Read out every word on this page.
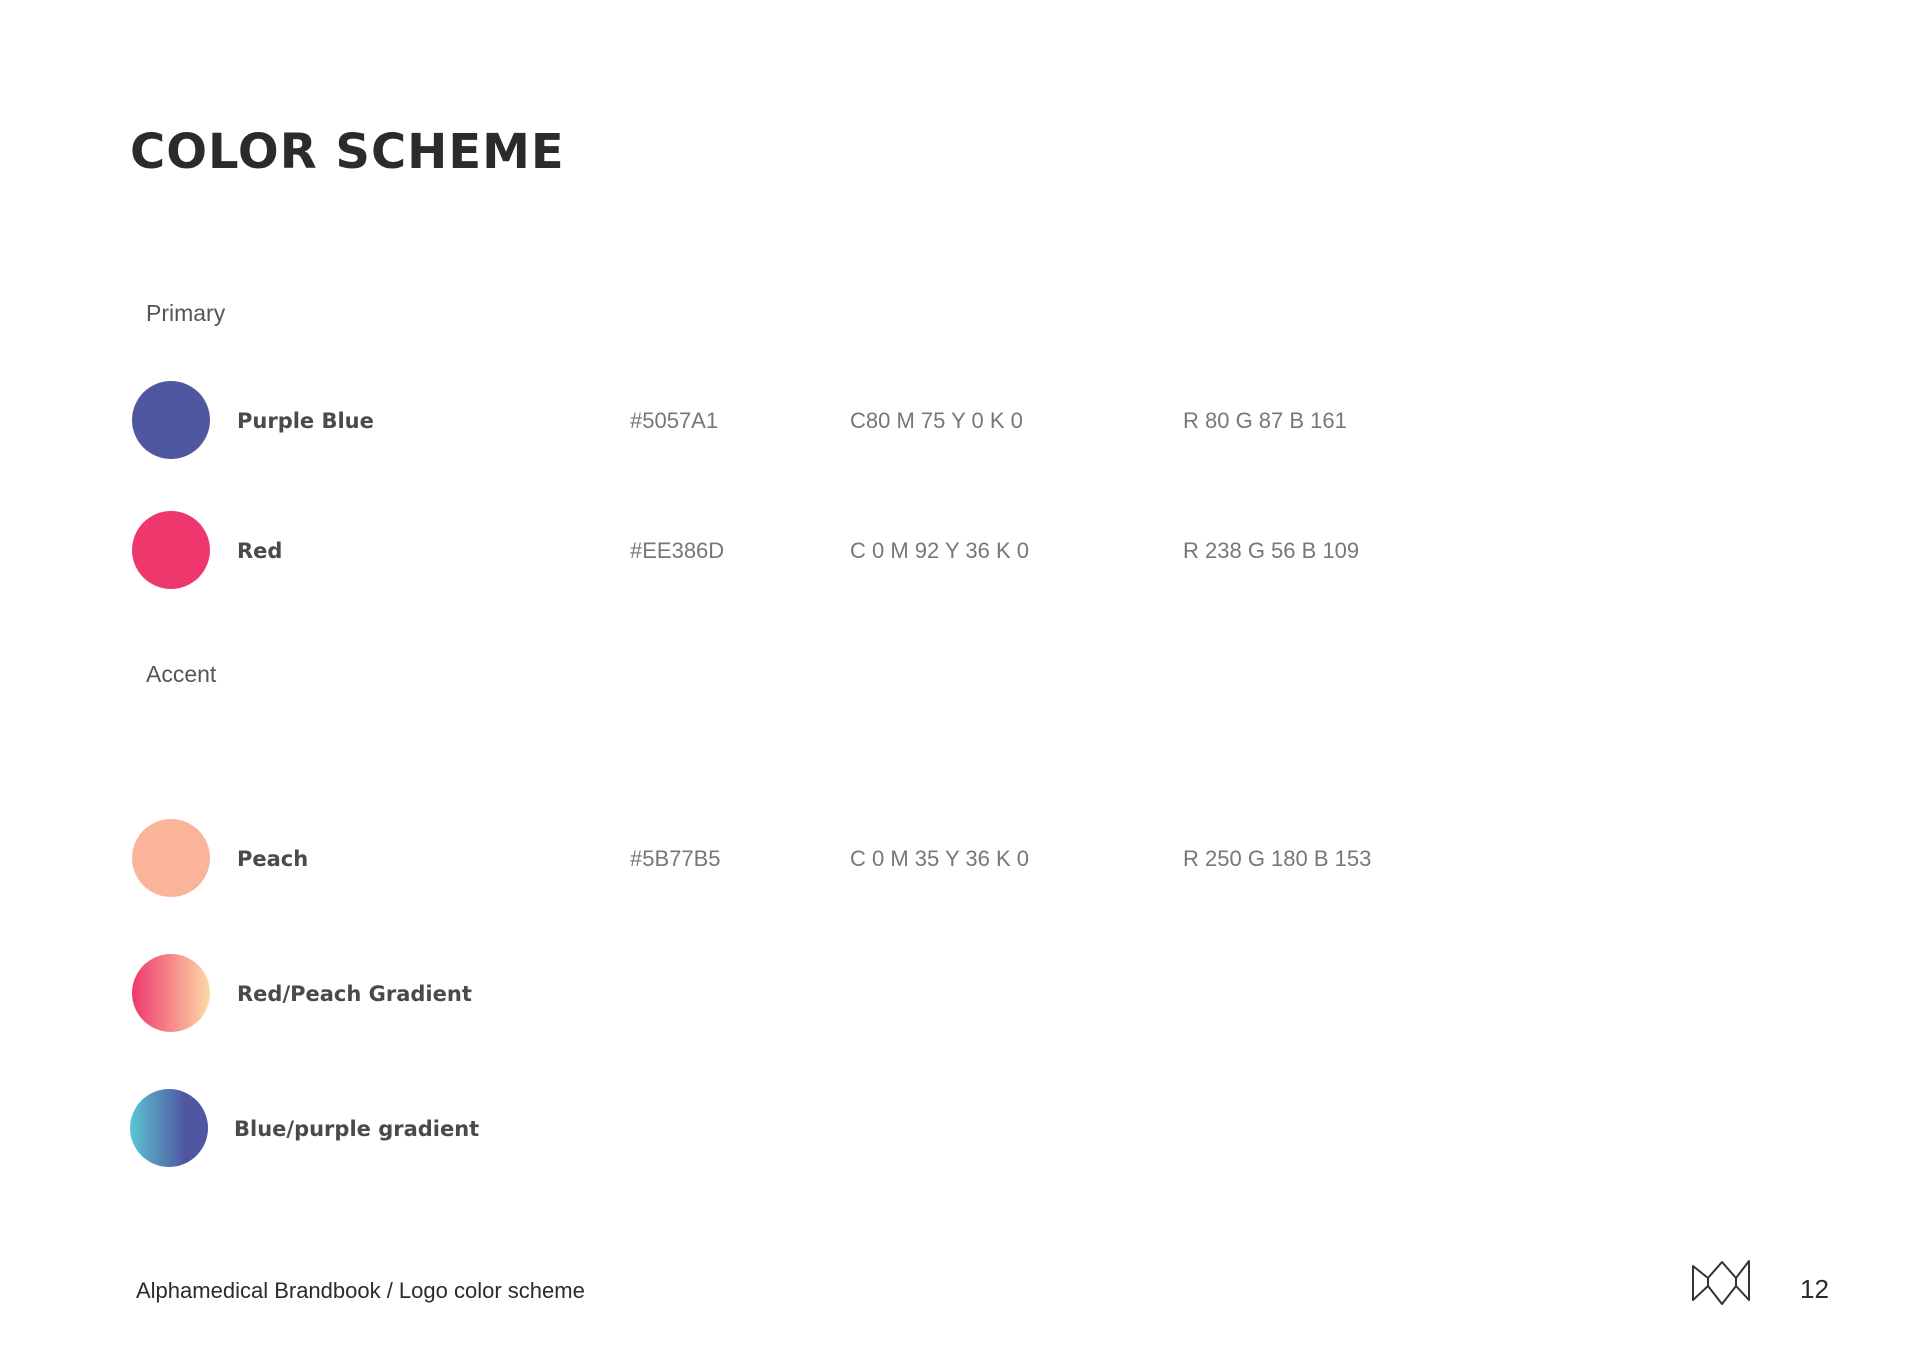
COLOR SCHEME
Primary
Purple Blue	#5057A1	C80 M 75 Y 0 K 0	R 80 G 87 B 161
Red	#EE386D	C 0 M 92 Y 36 K 0	R 238 G 56 B 109
Accent
Peach	#5B77B5	C 0 M 35 Y 36 K 0	R 250 G 180 B 153
Red/Peach Gradient
Blue/purple gradient
Alphamedical Brandbook / Logo color scheme	12
